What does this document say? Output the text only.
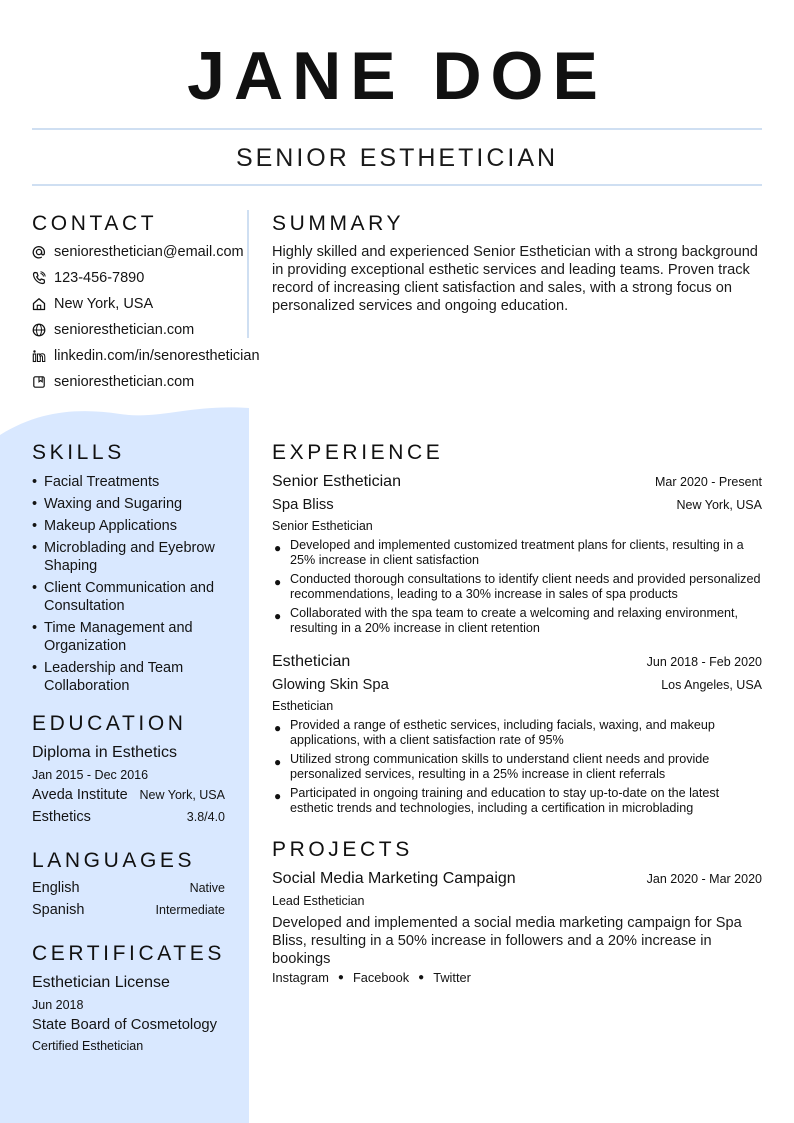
JANE DOE
SENIOR ESTHETICIAN
CONTACT
senioresthetician@email.com
123-456-7890
New York, USA
senioresthetician.com
linkedin.com/in/senoresthetician
senioresthetician.com
SUMMARY
Highly skilled and experienced Senior Esthetician with a strong background in providing exceptional esthetic services and leading teams. Proven track record of increasing client satisfaction and sales, with a strong focus on personalized services and ongoing education.
SKILLS
• Facial Treatments
• Waxing and Sugaring
• Makeup Applications
• Microblading and Eyebrow Shaping
• Client Communication and Consultation
• Time Management and Organization
• Leadership and Team Collaboration
EDUCATION
Diploma in Esthetics
Jan 2015 - Dec 2016
Aveda Institute New York, USA
Esthetics	3.8/4.0
LANGUAGES
English	Native
Spanish	Intermediate
CERTIFICATES
Esthetician License
Jun 2018
State Board of Cosmetology
Certified Esthetician
EXPERIENCE
Senior Esthetician	Mar 2020 - Present
Spa Bliss	New York, USA
Senior Esthetician
● Developed and implemented customized treatment plans for clients, resulting in a 25% increase in client satisfaction
● Conducted thorough consultations to identify client needs and provided personalized recommendations, leading to a 30% increase in sales of spa products
● Collaborated with the spa team to create a welcoming and relaxing environment, resulting in a 20% increase in client retention
Esthetician	Jun 2018 - Feb 2020
Glowing Skin Spa	Los Angeles, USA
Esthetician
● Provided a range of esthetic services, including facials, waxing, and makeup applications, with a client satisfaction rate of 95%
● Utilized strong communication skills to understand client needs and provide personalized services, resulting in a 25% increase in client referrals
● Participated in ongoing training and education to stay up-to-date on the latest esthetic trends and technologies, including a certification in microblading
PROJECTS
Social Media Marketing Campaign	Jan 2020 - Mar 2020
Lead Esthetician
Developed and implemented a social media marketing campaign for Spa Bliss, resulting in a 50% increase in followers and a 20% increase in bookings
Instagram ● Facebook ● Twitter
